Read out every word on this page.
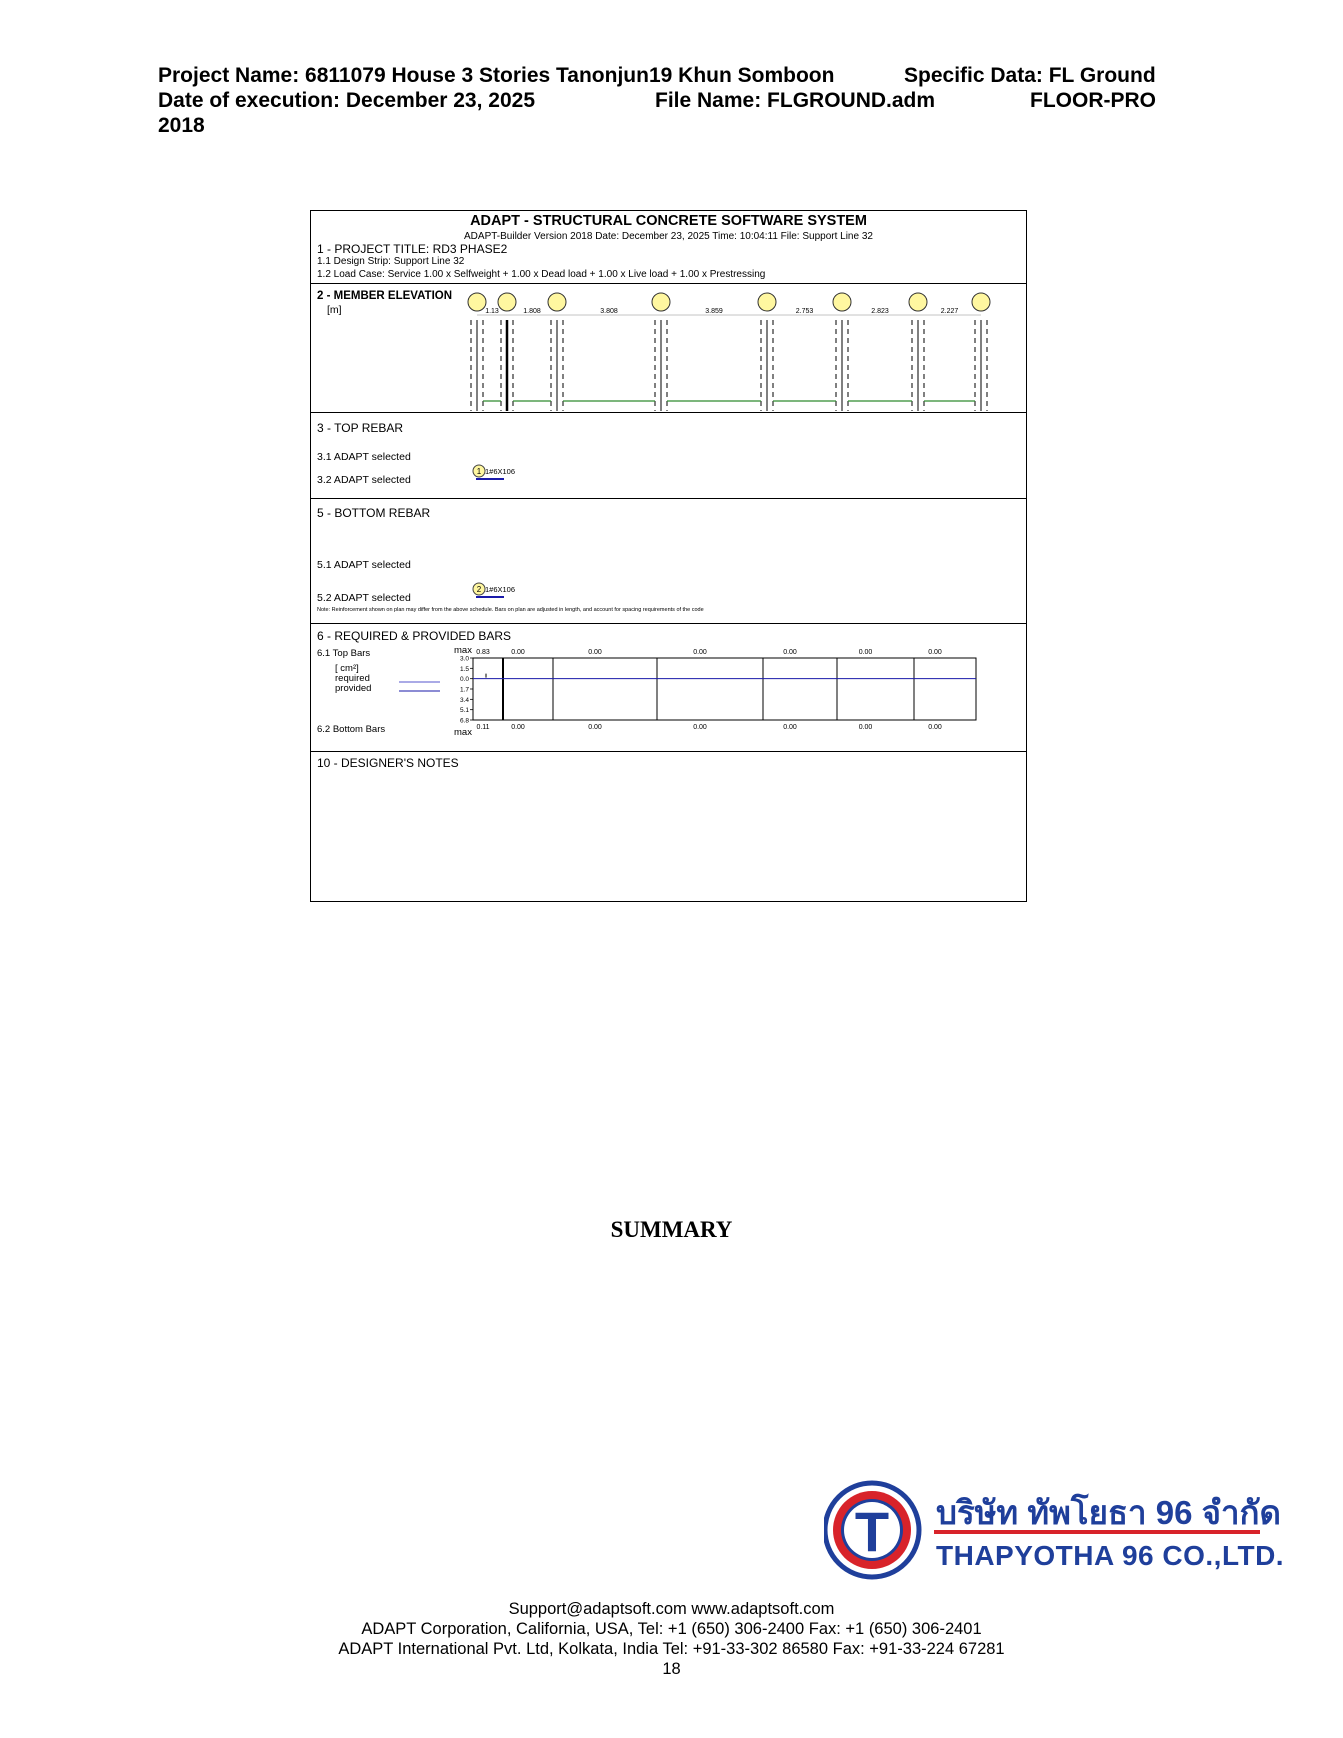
Project Name: 6811079 House 3 Stories Tanonjun19 Khun Somboon	Specific Data: FL Ground
Date of execution: December 23, 2025	File Name: FLGROUND.adm	FLOOR-PRO
2018
ADAPT - STRUCTURAL CONCRETE SOFTWARE SYSTEM
ADAPT-Builder Version 2018 Date: December 23, 2025 Time: 10:04:11 File: Support Line 32
1 - PROJECT TITLE: RD3 PHASE2
1.1 Design Strip: Support Line 32
1.2 Load Case: Service 1.00 x Selfweight + 1.00 x Dead load + 1.00 x Live load + 1.00 x Prestressing
2 - MEMBER ELEVATION
[m]	1.13	1.808	3.808	3.859	2.753	2.823	2.227
3 - TOP REBAR
3.1 ADAPT selected
3.2 ADAPT selected
1 1#6X106
5 - BOTTOM REBAR
5.1 ADAPT selected
5.2 ADAPT selected
2 1#6X106
Note: Reinforcement shown on plan may differ from the above schedule. Bars on plan are adjusted in length, and account for spacing requirements of the code
6 - REQUIRED & PROVIDED BARS
6.1 Top Bars
[ cm²]
required
provided
6.2 Bottom Bars
max
max
3.0
1.5
0.0
1.7
3.4
5.1
6.8
0.83	0.00	0.00	0.00	0.00	0.00	0.00
0.11	0.00	0.00	0.00	0.00	0.00	0.00
10 - DESIGNER'S NOTES
SUMMARY
T บริษัท ทัพโยธา 96 จำกัด
THAPYOTHA 96 CO.,LTD.
Support@adaptsoft.com www.adaptsoft.com
ADAPT Corporation, California, USA, Tel: +1 (650) 306-2400 Fax: +1 (650) 306-2401
ADAPT International Pvt. Ltd, Kolkata, India Tel: +91-33-302 86580 Fax: +91-33-224 67281
18
